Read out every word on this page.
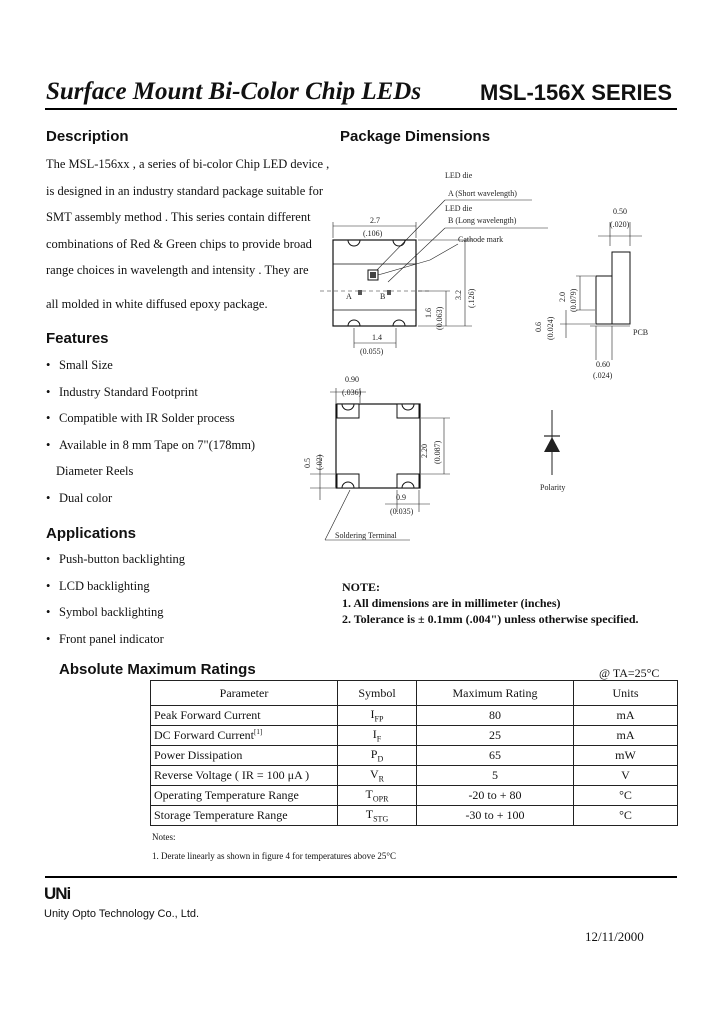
Surface Mount Bi-Color Chip LEDs	MSL-156X SERIES
Description
The MSL-156xx , a series of bi-color Chip LED device ,
is designed in an industry standard package suitable for
SMT assembly method . This series contain different
combinations of Red & Green chips to provide broad
range choices in wavelength and intensity . They are
all molded in white diffused epoxy package.
Features
• Small Size
• Industry Standard Footprint
• Compatible with IR Solder process
• Available in 8 mm Tape on 7"(178mm)
Diameter Reels
• Dual color
Applications
• Push-button backlighting
• LCD backlighting
• Symbol backlighting
• Front panel indicator
Package Dimensions
LED die
A (Short wavelength)
LED die
B (Long wavelength)
A	B
2.7
(.106)
Cathode mark
3.2 (.126)
1.6 (0.063)
1.4
(0.055)
0.50
(.020)
2.0 (0.079)
0.6 (0.024)	PCB
0.60
(.024)
Polarity
0.90
(.036)
2.20 (0.087)
0.5 (.02)
0.9
(0.035)
Soldering Terminal
NOTE:
1. All dimensions are in millimeter (inches)
2. Tolerance is ± 0.1mm (.004") unless otherwise specified.
Absolute Maximum Ratings	@ TA=25°C
Parameter	Symbol	Maximum Rating	Units
Peak Forward Current	$I_{FP}$	80	mA
DC Forward Current[1]	$I_F$	25	mA
Power Dissipation	$P_D$	65	mW
Reverse Voltage ( IR = 100 μA )	$V_R$	5	V
Operating Temperature Range	$T_{OPR}$	-20 to + 80	°C
Storage Temperature Range	$T_{STG}$	-30 to + 100	°C
Notes:
1. Derate linearly as shown in figure 4 for temperatures above 25°C
UNi
Unity Opto Technology Co., Ltd.
12/11/2000
